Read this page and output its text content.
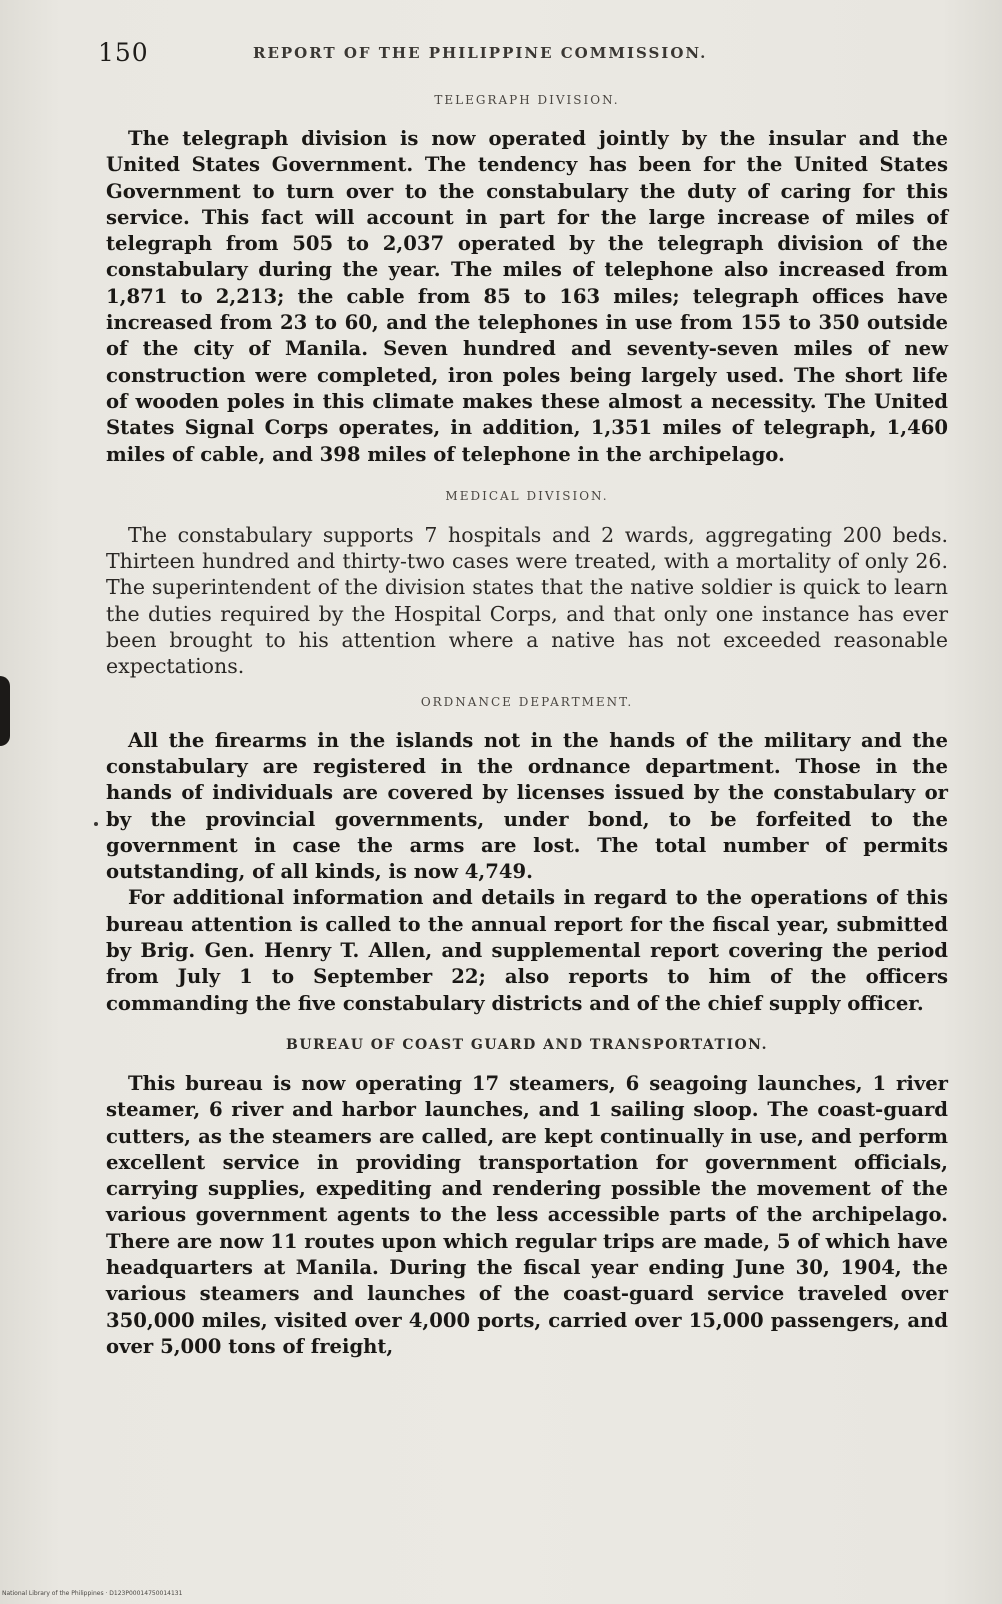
150	REPORT OF THE PHILIPPINE COMMISSION.
TELEGRAPH DIVISION.

The telegraph division is now operated jointly by the insular and the United States Government. The tendency has been for the United States Government to turn over to the constabulary the duty of caring for this service. This fact will account in part for the large increase of miles of telegraph from 505 to 2,037 operated by the telegraph division of the constabulary during the year. The miles of telephone also increased from 1,871 to 2,213; the cable from 85 to 163 miles; telegraph offices have increased from 23 to 60, and the telephones in use from 155 to 350 outside of the city of Manila. Seven hundred and seventy-seven miles of new construction were completed, iron poles being largely used. The short life of wooden poles in this climate makes these almost a necessity. The United States Signal Corps operates, in addition, 1,351 miles of telegraph, 1,460 miles of cable, and 398 miles of telephone in the archipelago.

MEDICAL DIVISION.

The constabulary supports 7 hospitals and 2 wards, aggregating 200 beds. Thirteen hundred and thirty-two cases were treated, with a mortality of only 26. The superintendent of the division states that the native soldier is quick to learn the duties required by the Hospital Corps, and that only one instance has ever been brought to his attention where a native has not exceeded reasonable expectations.

ORDNANCE DEPARTMENT.

All the firearms in the islands not in the hands of the military and the constabulary are registered in the ordnance department. Those in the hands of individuals are covered by licenses issued by the constabulary or by the provincial governments, under bond, to be forfeited to the government in case the arms are lost. The total number of permits outstanding, of all kinds, is now 4,749.

For additional information and details in regard to the operations of this bureau attention is called to the annual report for the fiscal year, submitted by Brig. Gen. Henry T. Allen, and supplemental report covering the period from July 1 to September 22; also reports to him of the officers commanding the five constabulary districts and of the chief supply officer.

BUREAU OF COAST GUARD AND TRANSPORTATION.

This bureau is now operating 17 steamers, 6 seagoing launches, 1 river steamer, 6 river and harbor launches, and 1 sailing sloop. The coast-guard cutters, as the steamers are called, are kept continually in use, and perform excellent service in providing transportation for government officials, carrying supplies, expediting and rendering possible the movement of the various government agents to the less accessible parts of the archipelago. There are now 11 routes upon which regular trips are made, 5 of which have headquarters at Manila. During the fiscal year ending June 30, 1904, the various steamers and launches of the coast-guard service traveled over 350,000 miles, visited over 4,000 ports, carried over 15,000 passengers, and over 5,000 tons of freight,

National Library of the Philippines · D123P00014750014131
